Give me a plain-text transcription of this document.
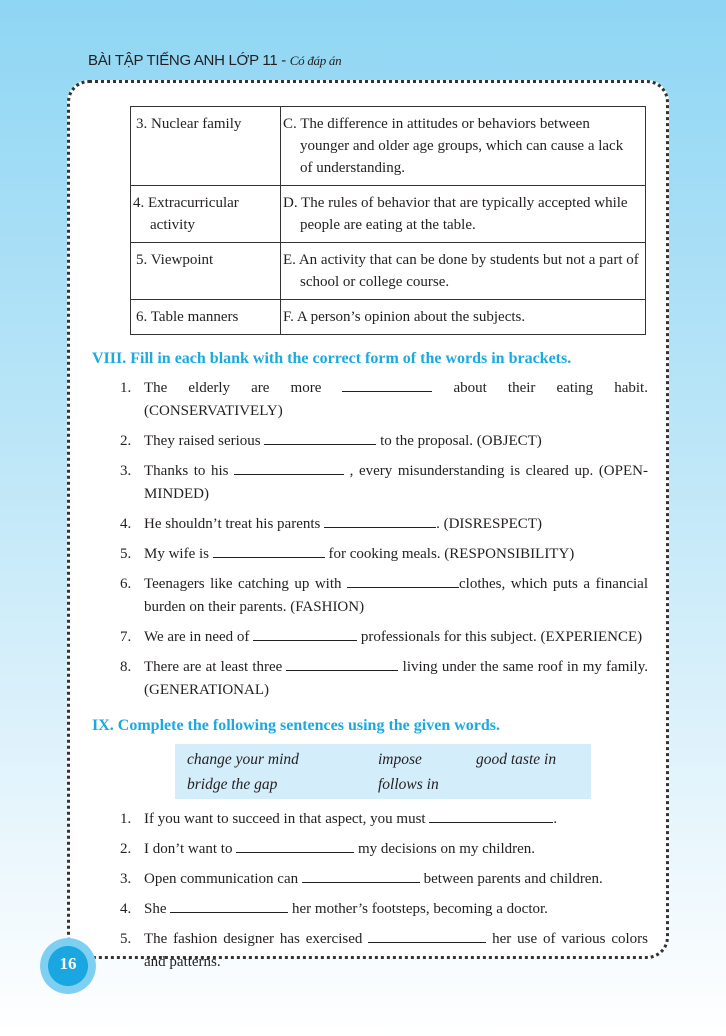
BÀI TẬP TIẾNG ANH LỚP 11 - Có đáp án
3. Nuclear family	C. The difference in attitudes or behaviors between younger and older age groups, which can cause a lack of understanding.
4. Extracurricular activity	D. The rules of behavior that are typically accepted while people are eating at the table.
5. Viewpoint	E. An activity that can be done by students but not a part of school or college course.
6. Table manners	F. A person’s opinion about the subjects.
VIII. Fill in each blank with the correct form of the words in brackets.
1. The elderly are more	about their eating habit. (CONSERVATIVELY)
2. They raised serious	to the proposal. (OBJECT)
3. Thanks to his	, every misunderstanding is cleared up. (OPEN-MINDED)
4. He shouldn’t treat his parents	. (DISRESPECT)
5. My wife is	for cooking meals. (RESPONSIBILITY)
6. Teenagers like catching up with	clothes, which puts a financial burden on their parents. (FASHION)
7. We are in need of	professionals for this subject. (EXPERIENCE)
8. There are at least three	living under the same roof in my family. (GENERATIONAL)
IX. Complete the following sentences using the given words.
change your mind	impose	good taste in
bridge the gap	follows in
1. If you want to succeed in that aspect, you must	.
2. I don’t want to	my decisions on my children.
3. Open communication can	between parents and children.
4. She	her mother’s footsteps, becoming a doctor.
5. The fashion designer has exercised	her use of various colors and patterns.
16
